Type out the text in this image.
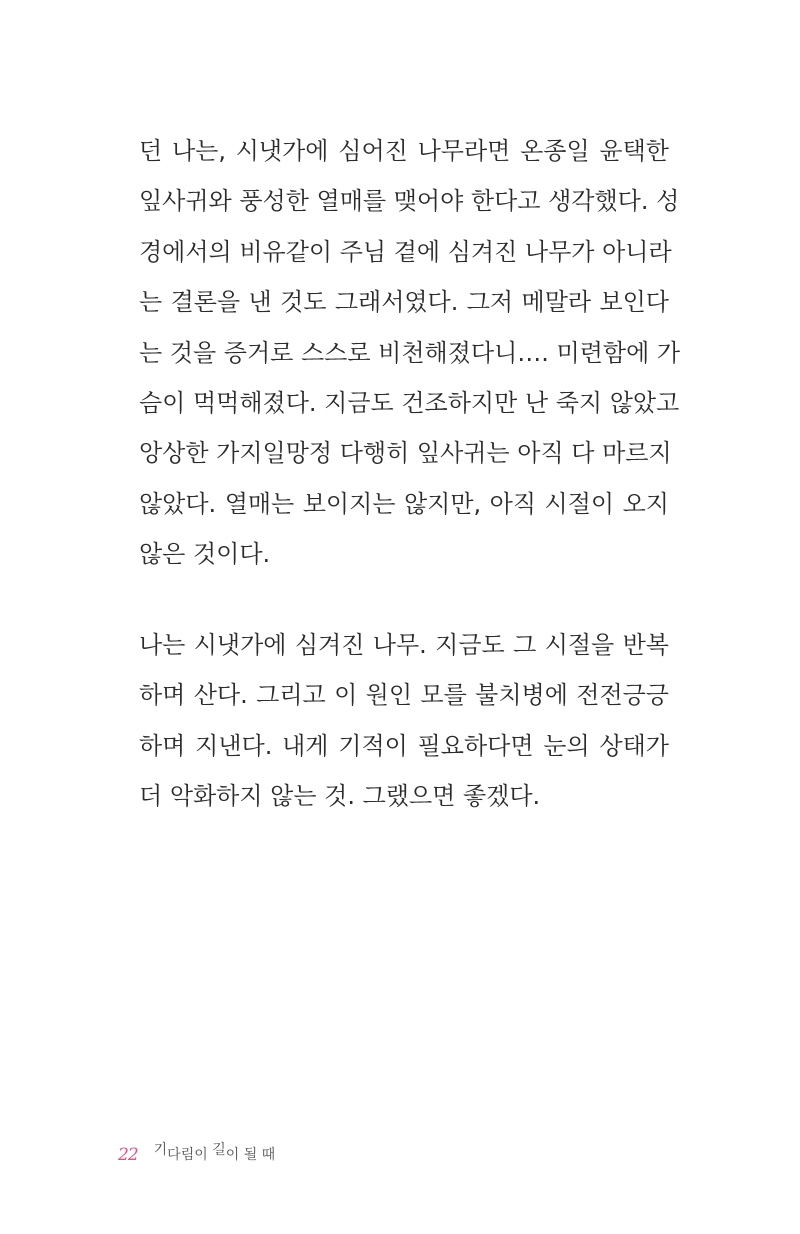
던 나는, 시냇가에 심어진 나무라면 온종일 윤택한
잎사귀와 풍성한 열매를 맺어야 한다고 생각했다. 성
경에서의 비유같이 주님 곁에 심겨진 나무가 아니라
는 결론을 낸 것도 그래서였다. 그저 메말라 보인다
는 것을 증거로 스스로 비천해졌다니…. 미련함에 가
슴이 먹먹해졌다. 지금도 건조하지만 난 죽지 않았고
앙상한 가지일망정 다행히 잎사귀는 아직 다 마르지
않았다. 열매는 보이지는 않지만, 아직 시절이 오지
않은 것이다.
나는 시냇가에 심겨진 나무. 지금도 그 시절을 반복
하며 산다. 그리고 이 원인 모를 불치병에 전전긍긍
하며 지낸다. 내게 기적이 필요하다면 눈의 상태가
더 악화하지 않는 것. 그랬으면 좋겠다.
22 기다림이 길이 될 때
